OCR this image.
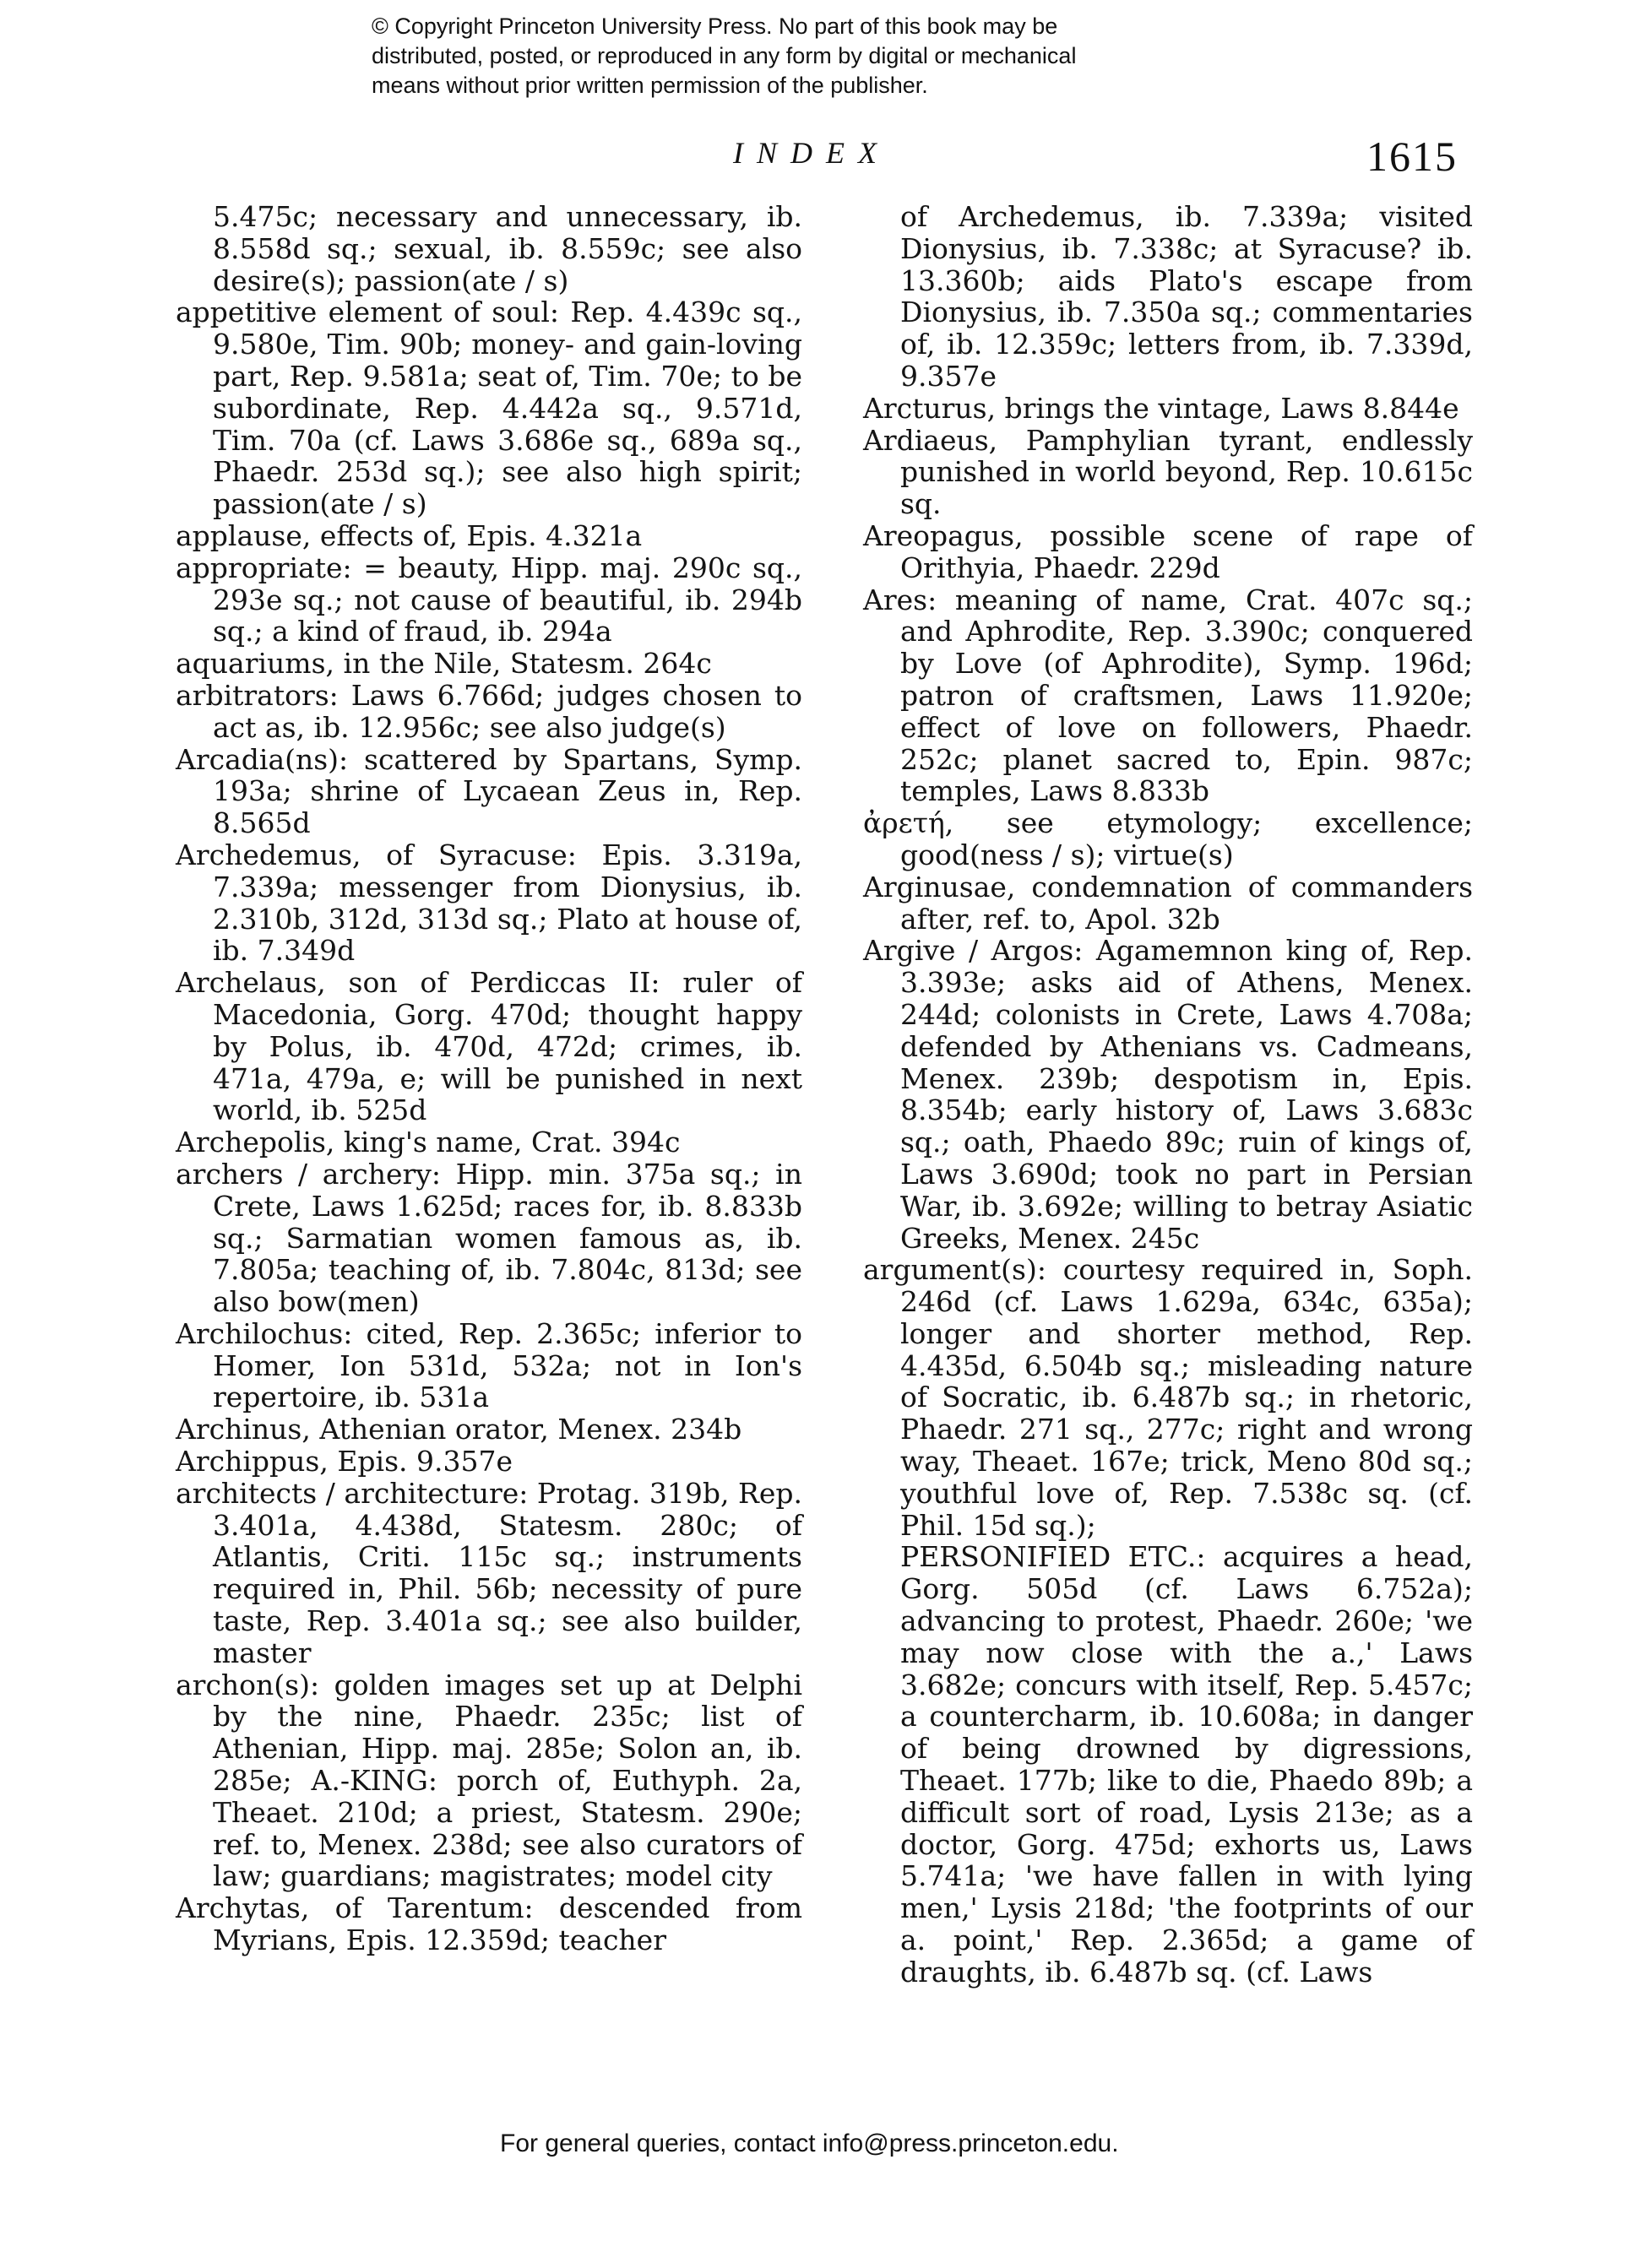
© Copyright Princeton University Press. No part of this book may be
distributed, posted, or reproduced in any form by digital or mechanical
means without prior written permission of the publisher.
INDEX	1615

5.475c; necessary and unnecessary, ib. 8.558d sq.; sexual, ib. 8.559c; see also desire(s); passion(ate / s)

appetitive element of soul: Rep. 4.439c sq., 9.580e, Tim. 90b; money- and gain-loving part, Rep. 9.581a; seat of, Tim. 70e; to be subordinate, Rep. 4.442a sq., 9.571d, Tim. 70a (cf. Laws 3.686e sq., 689a sq., Phaedr. 253d sq.); see also high spirit; passion(ate / s)

applause, effects of, Epis. 4.321a

appropriate: = beauty, Hipp. maj. 290c sq., 293e sq.; not cause of beautiful, ib. 294b sq.; a kind of fraud, ib. 294a

aquariums, in the Nile, Statesm. 264c

arbitrators: Laws 6.766d; judges chosen to act as, ib. 12.956c; see also judge(s)

Arcadia(ns): scattered by Spartans, Symp. 193a; shrine of Lycaean Zeus in, Rep. 8.565d

Archedemus, of Syracuse: Epis. 3.319a, 7.339a; messenger from Dionysius, ib. 2.310b, 312d, 313d sq.; Plato at house of, ib. 7.349d

Archelaus, son of Perdiccas II: ruler of Macedonia, Gorg. 470d; thought happy by Polus, ib. 470d, 472d; crimes, ib. 471a, 479a, e; will be punished in next world, ib. 525d

Archepolis, king's name, Crat. 394c

archers / archery: Hipp. min. 375a sq.; in Crete, Laws 1.625d; races for, ib. 8.833b sq.; Sarmatian women famous as, ib. 7.805a; teaching of, ib. 7.804c, 813d; see also bow(men)

Archilochus: cited, Rep. 2.365c; inferior to Homer, Ion 531d, 532a; not in Ion's repertoire, ib. 531a

Archinus, Athenian orator, Menex. 234b

Archippus, Epis. 9.357e

architects / architecture: Protag. 319b, Rep. 3.401a, 4.438d, Statesm. 280c; of Atlantis, Criti. 115c sq.; instruments required in, Phil. 56b; necessity of pure taste, Rep. 3.401a sq.; see also builder, master

archon(s): golden images set up at Delphi by the nine, Phaedr. 235c; list of Athenian, Hipp. maj. 285e; Solon an, ib. 285e; A.-KING: porch of, Euthyph. 2a, Theaet. 210d; a priest, Statesm. 290e; ref. to, Menex. 238d; see also curators of law; guardians; magistrates; model city

Archytas, of Tarentum: descended from Myrians, Epis. 12.359d; teacher

of Archedemus, ib. 7.339a; visited Dionysius, ib. 7.338c; at Syracuse? ib. 13.360b; aids Plato's escape from Dionysius, ib. 7.350a sq.; commentaries of, ib. 12.359c; letters from, ib. 7.339d, 9.357e

Arcturus, brings the vintage, Laws 8.844e

Ardiaeus, Pamphylian tyrant, endlessly punished in world beyond, Rep. 10.615c sq.

Areopagus, possible scene of rape of Orithyia, Phaedr. 229d

Ares: meaning of name, Crat. 407c sq.; and Aphrodite, Rep. 3.390c; conquered by Love (of Aphrodite), Symp. 196d; patron of craftsmen, Laws 11.920e; effect of love on followers, Phaedr. 252c; planet sacred to, Epin. 987c; temples, Laws 8.833b

ἀρετή, see etymology; excellence; good(ness / s); virtue(s)

Arginusae, condemnation of commanders after, ref. to, Apol. 32b

Argive / Argos: Agamemnon king of, Rep. 3.393e; asks aid of Athens, Menex. 244d; colonists in Crete, Laws 4.708a; defended by Athenians vs. Cadmeans, Menex. 239b; despotism in, Epis. 8.354b; early history of, Laws 3.683c sq.; oath, Phaedo 89c; ruin of kings of, Laws 3.690d; took no part in Persian War, ib. 3.692e; willing to betray Asiatic Greeks, Menex. 245c

argument(s): courtesy required in, Soph. 246d (cf. Laws 1.629a, 634c, 635a); longer and shorter method, Rep. 4.435d, 6.504b sq.; misleading nature of Socratic, ib. 6.487b sq.; in rhetoric, Phaedr. 271 sq., 277c; right and wrong way, Theaet. 167e; trick, Meno 80d sq.; youthful love of, Rep. 7.538c sq. (cf. Phil. 15d sq.);

PERSONIFIED ETC.: acquires a head, Gorg. 505d (cf. Laws 6.752a); advancing to protest, Phaedr. 260e; 'we may now close with the a.,' Laws 3.682e; concurs with itself, Rep. 5.457c; a countercharm, ib. 10.608a; in danger of being drowned by digressions, Theaet. 177b; like to die, Phaedo 89b; a difficult sort of road, Lysis 213e; as a doctor, Gorg. 475d; exhorts us, Laws 5.741a; 'we have fallen in with lying men,' Lysis 218d; 'the footprints of our a. point,' Rep. 2.365d; a game of draughts, ib. 6.487b sq. (cf. Laws

For general queries, contact info@press.princeton.edu.
